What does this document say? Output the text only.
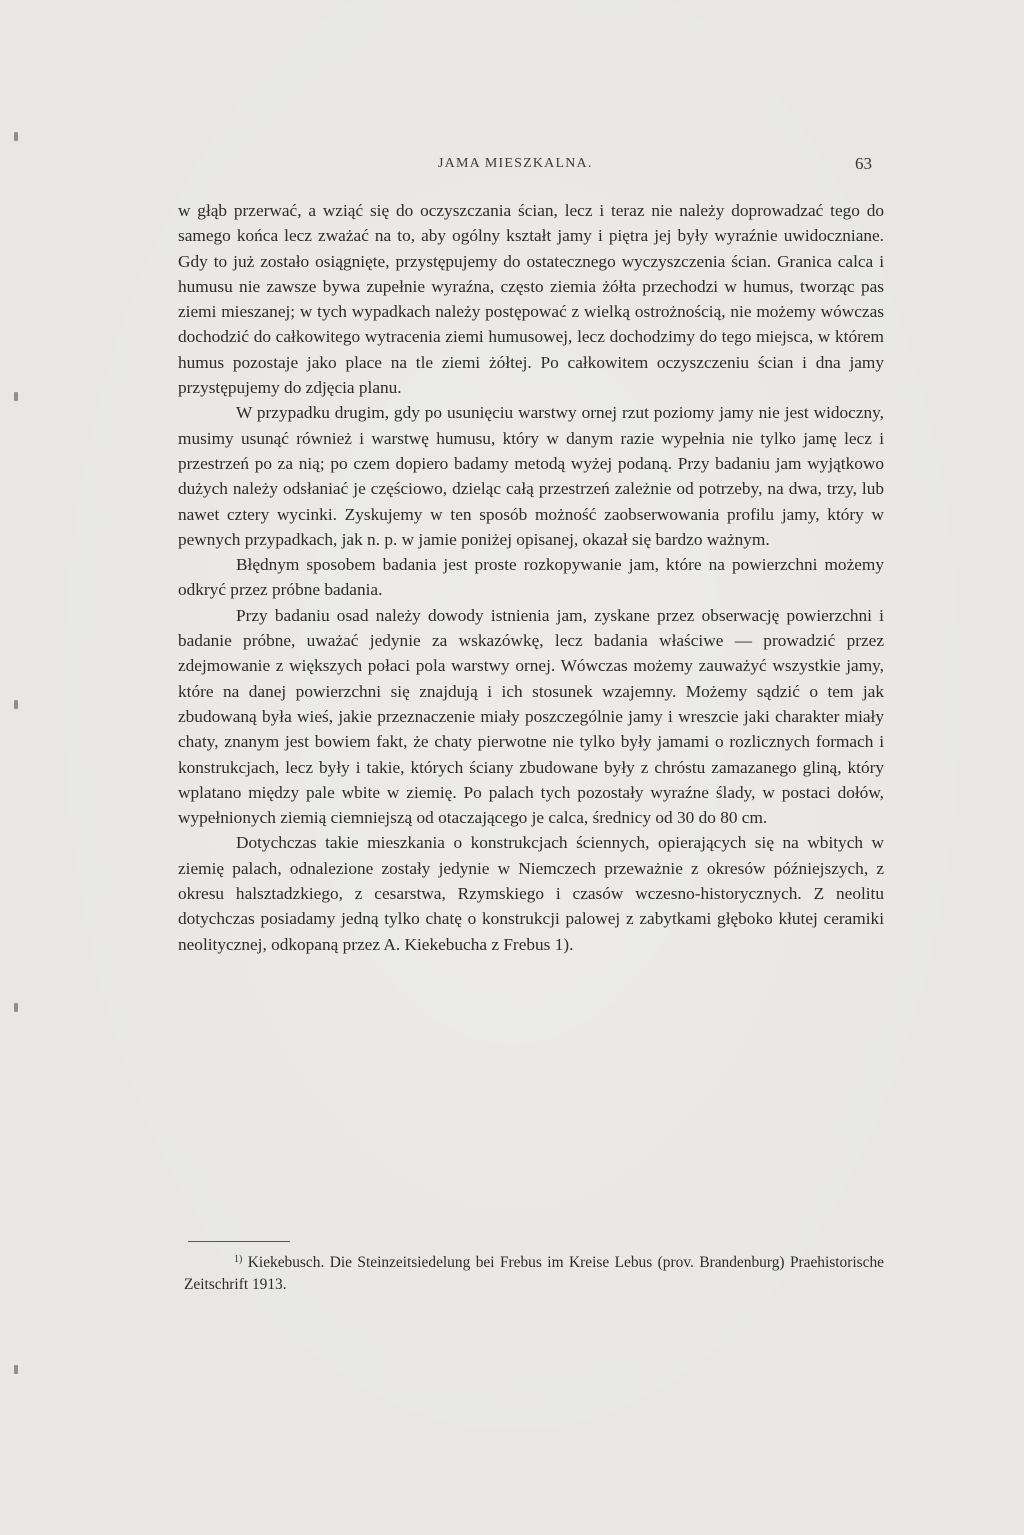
JAMA MIESZKALNA.	63

w głąb przerwać, a wziąć się do oczyszczania ścian, lecz i teraz nie należy doprowadzać tego do samego końca lecz zważać na to, aby ogólny kształt jamy i piętra jej były wyraźnie uwidoczniane. Gdy to już zostało osiągnięte, przystępujemy do ostatecznego wyczyszczenia ścian. Granica calca i humusu nie zawsze bywa zupełnie wyraźna, często ziemia żółta przechodzi w humus, tworząc pas ziemi mieszanej; w tych wypadkach należy postępować z wielką ostrożnością, nie możemy wówczas dochodzić do całkowitego wytracenia ziemi humusowej, lecz dochodzimy do tego miejsca, w którem humus pozostaje jako place na tle ziemi żółtej. Po całkowitem oczyszczeniu ścian i dna jamy przystępujemy do zdjęcia planu.

W przypadku drugim, gdy po usunięciu warstwy ornej rzut poziomy jamy nie jest widoczny, musimy usunąć również i warstwę humusu, który w danym razie wypełnia nie tylko jamę lecz i przestrzeń po za nią; po czem dopiero badamy metodą wyżej podaną. Przy badaniu jam wyjątkowo dużych należy odsłaniać je częściowo, dzieląc całą przestrzeń zależnie od potrzeby, na dwa, trzy, lub nawet cztery wycinki. Zyskujemy w ten sposób możność zaobserwowania profilu jamy, który w pewnych przypadkach, jak n. p. w jamie poniżej opisanej, okazał się bardzo ważnym.

Błędnym sposobem badania jest proste rozkopywanie jam, które na powierzchni możemy odkryć przez próbne badania.

Przy badaniu osad należy dowody istnienia jam, zyskane przez obserwację powierzchni i badanie próbne, uważać jedynie za wskazówkę, lecz badania właściwe — prowadzić przez zdejmowanie z większych połaci pola warstwy ornej. Wówczas możemy zauważyć wszystkie jamy, które na danej powierzchni się znajdują i ich stosunek wzajemny. Możemy sądzić o tem jak zbudowaną była wieś, jakie przeznaczenie miały poszczególnie jamy i wreszcie jaki charakter miały chaty, znanym jest bowiem fakt, że chaty pierwotne nie tylko były jamami o rozlicznych formach i konstrukcjach, lecz były i takie, których ściany zbudowane były z chróstu zamazanego gliną, który wplatano między pale wbite w ziemię. Po palach tych pozostały wyraźne ślady, w postaci dołów, wypełnionych ziemią ciemniejszą od otaczającego je calca, średnicy od 30 do 80 cm.

Dotychczas takie mieszkania o konstrukcjach ściennych, opierających się na wbitych w ziemię palach, odnalezione zostały jedynie w Niemczech przeważnie z okresów późniejszych, z okresu halsztadzkiego, z cesarstwa, Rzymskiego i czasów wczesno-historycznych. Z neolitu dotychczas posiadamy jedną tylko chatę o konstrukcji palowej z zabytkami głęboko kłutej ceramiki neolitycznej, odkopaną przez A. Kiekebucha z Frebus 1).

$^{1)}$ Kiekebusch. Die Steinzeitsiedelung bei Frebus im Kreise Lebus (prov. Brandenburg) Praehistorische Zeitschrift 1913.
